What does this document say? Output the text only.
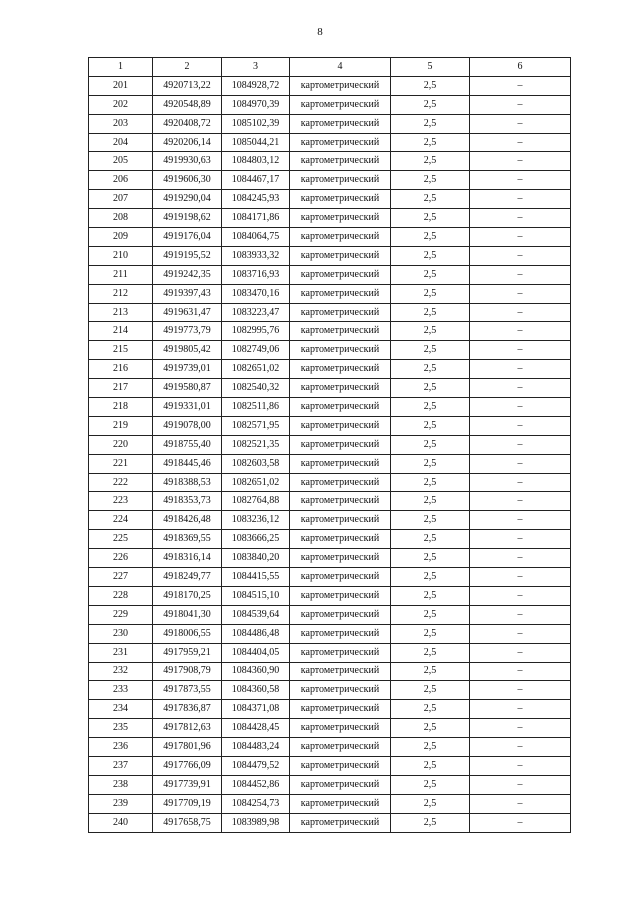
8
1	2	3	4	5	6
201	4920713,22	1084928,72	картометрический	2,5	–
202	4920548,89	1084970,39	картометрический	2,5	–
203	4920408,72	1085102,39	картометрический	2,5	–
204	4920206,14	1085044,21	картометрический	2,5	–
205	4919930,63	1084803,12	картометрический	2,5	–
206	4919606,30	1084467,17	картометрический	2,5	–
207	4919290,04	1084245,93	картометрический	2,5	–
208	4919198,62	1084171,86	картометрический	2,5	–
209	4919176,04	1084064,75	картометрический	2,5	–
210	4919195,52	1083933,32	картометрический	2,5	–
211	4919242,35	1083716,93	картометрический	2,5	–
212	4919397,43	1083470,16	картометрический	2,5	–
213	4919631,47	1083223,47	картометрический	2,5	–
214	4919773,79	1082995,76	картометрический	2,5	–
215	4919805,42	1082749,06	картометрический	2,5	–
216	4919739,01	1082651,02	картометрический	2,5	–
217	4919580,87	1082540,32	картометрический	2,5	–
218	4919331,01	1082511,86	картометрический	2,5	–
219	4919078,00	1082571,95	картометрический	2,5	–
220	4918755,40	1082521,35	картометрический	2,5	–
221	4918445,46	1082603,58	картометрический	2,5	–
222	4918388,53	1082651,02	картометрический	2,5	–
223	4918353,73	1082764,88	картометрический	2,5	–
224	4918426,48	1083236,12	картометрический	2,5	–
225	4918369,55	1083666,25	картометрический	2,5	–
226	4918316,14	1083840,20	картометрический	2,5	–
227	4918249,77	1084415,55	картометрический	2,5	–
228	4918170,25	1084515,10	картометрический	2,5	–
229	4918041,30	1084539,64	картометрический	2,5	–
230	4918006,55	1084486,48	картометрический	2,5	–
231	4917959,21	1084404,05	картометрический	2,5	–
232	4917908,79	1084360,90	картометрический	2,5	–
233	4917873,55	1084360,58	картометрический	2,5	–
234	4917836,87	1084371,08	картометрический	2,5	–
235	4917812,63	1084428,45	картометрический	2,5	–
236	4917801,96	1084483,24	картометрический	2,5	–
237	4917766,09	1084479,52	картометрический	2,5	–
238	4917739,91	1084452,86	картометрический	2,5	–
239	4917709,19	1084254,73	картометрический	2,5	–
240	4917658,75	1083989,98	картометрический	2,5	–
